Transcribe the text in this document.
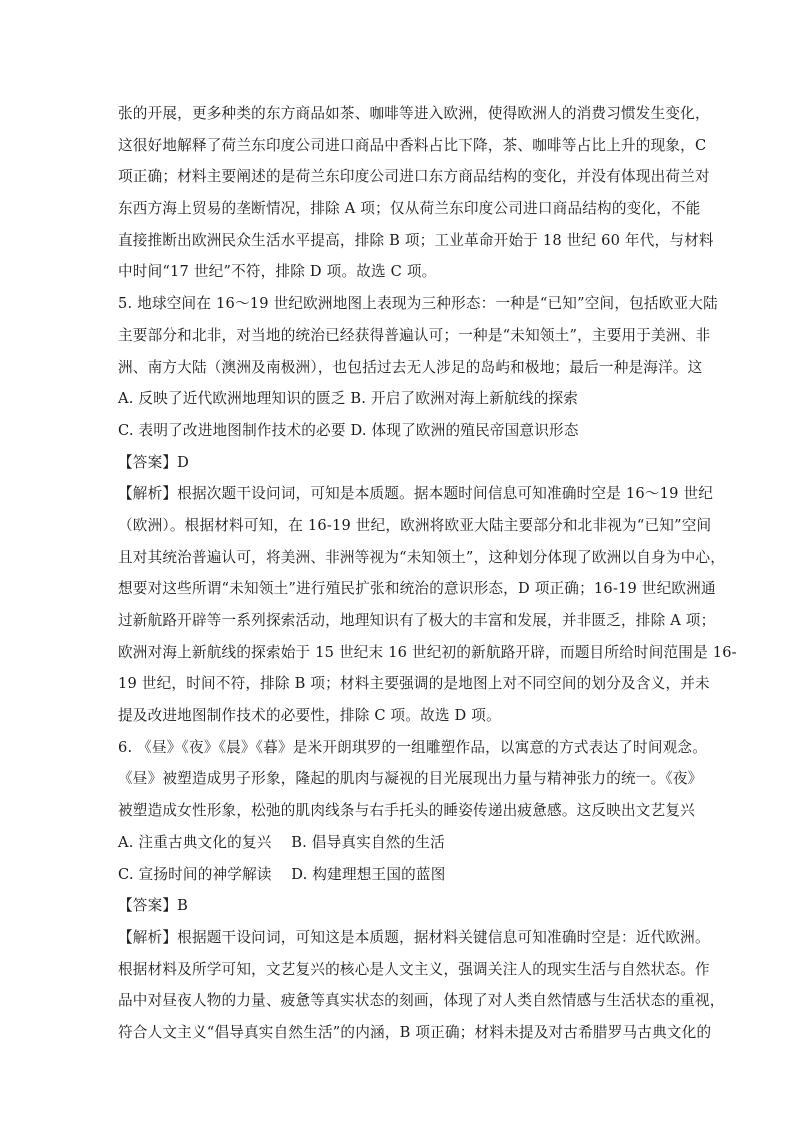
张的开展，更多种类的东方商品如茶、咖啡等进入欧洲，使得欧洲人的消费习惯发生变化，
这很好地解释了荷兰东印度公司进口商品中香料占比下降，茶、咖啡等占比上升的现象，C
项正确；材料主要阐述的是荷兰东印度公司进口东方商品结构的变化，并没有体现出荷兰对
东西方海上贸易的垄断情况，排除 A 项；仅从荷兰东印度公司进口商品结构的变化，不能
直接推断出欧洲民众生活水平提高，排除 B 项；工业革命开始于 18 世纪 60 年代，与材料
中时间“17 世纪”不符，排除 D 项。故选 C 项。
5. 地球空间在 16～19 世纪欧洲地图上表现为三种形态：一种是“已知”空间，包括欧亚大陆
主要部分和北非，对当地的统治已经获得普遍认可；一种是“未知领土”，主要用于美洲、非
洲、南方大陆（澳洲及南极洲），也包括过去无人涉足的岛屿和极地；最后一种是海洋。这
A. 反映了近代欧洲地理知识的匮乏 B. 开启了欧洲对海上新航线的探索
C. 表明了改进地图制作技术的必要 D. 体现了欧洲的殖民帝国意识形态
【答案】D
【解析】根据次题干设问词，可知是本质题。据本题时间信息可知准确时空是 16～19 世纪
（欧洲）。根据材料可知，在 16-19 世纪，欧洲将欧亚大陆主要部分和北非视为“已知”空间
且对其统治普遍认可，将美洲、非洲等视为“未知领土”，这种划分体现了欧洲以自身为中心，
想要对这些所谓“未知领土”进行殖民扩张和统治的意识形态，D 项正确；16-19 世纪欧洲通
过新航路开辟等一系列探索活动，地理知识有了极大的丰富和发展，并非匮乏，排除 A 项；
欧洲对海上新航线的探索始于 15 世纪末 16 世纪初的新航路开辟，而题目所给时间范围是 16-
19 世纪，时间不符，排除 B 项；材料主要强调的是地图上对不同空间的划分及含义，并未
提及改进地图制作技术的必要性，排除 C 项。故选 D 项。
6. 《昼》《夜》《晨》《暮》是米开朗琪罗的一组雕塑作品，以寓意的方式表达了时间观念。
《昼》被塑造成男子形象，隆起的肌肉与凝视的目光展现出力量与精神张力的统一。《夜》
被塑造成女性形象，松弛的肌肉线条与右手托头的睡姿传递出疲惫感。这反映出文艺复兴
A. 注重古典文化的复兴 　B. 倡导真实自然的生活
C. 宣扬时间的神学解读 　D. 构建理想王国的蓝图
【答案】B
【解析】根据题干设问词，可知这是本质题，据材料关键信息可知准确时空是：近代欧洲。
根据材料及所学可知，文艺复兴的核心是人文主义，强调关注人的现实生活与自然状态。作
品中对昼夜人物的力量、疲惫等真实状态的刻画，体现了对人类自然情感与生活状态的重视，
符合人文主义“倡导真实自然生活”的内涵，B 项正确；材料未提及对古希腊罗马古典文化的
